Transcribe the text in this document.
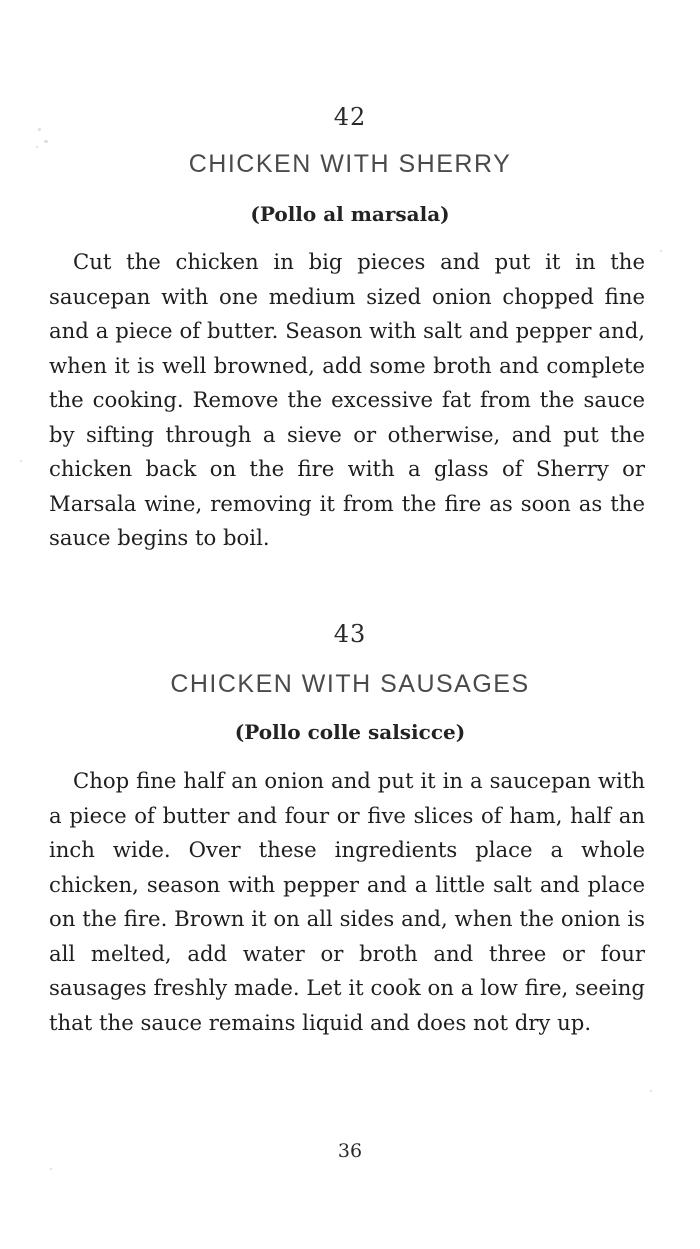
42

CHICKEN WITH SHERRY

(Pollo al marsala)

Cut the chicken in big pieces and put it in the saucepan with one medium sized onion chopped fine and a piece of butter. Season with salt and pepper and, when it is well browned, add some broth and complete the cooking. Remove the excessive fat from the sauce by sifting through a sieve or otherwise, and put the chicken back on the fire with a glass of Sherry or Marsala wine, removing it from the fire as soon as the sauce begins to boil.

43

CHICKEN WITH SAUSAGES

(Pollo colle salsicce)

Chop fine half an onion and put it in a saucepan with a piece of butter and four or five slices of ham, half an inch wide. Over these ingredients place a whole chicken, season with pepper and a little salt and place on the fire. Brown it on all sides and, when the onion is all melted, add water or broth and three or four sausages freshly made. Let it cook on a low fire, seeing that the sauce remains liquid and does not dry up.

36
